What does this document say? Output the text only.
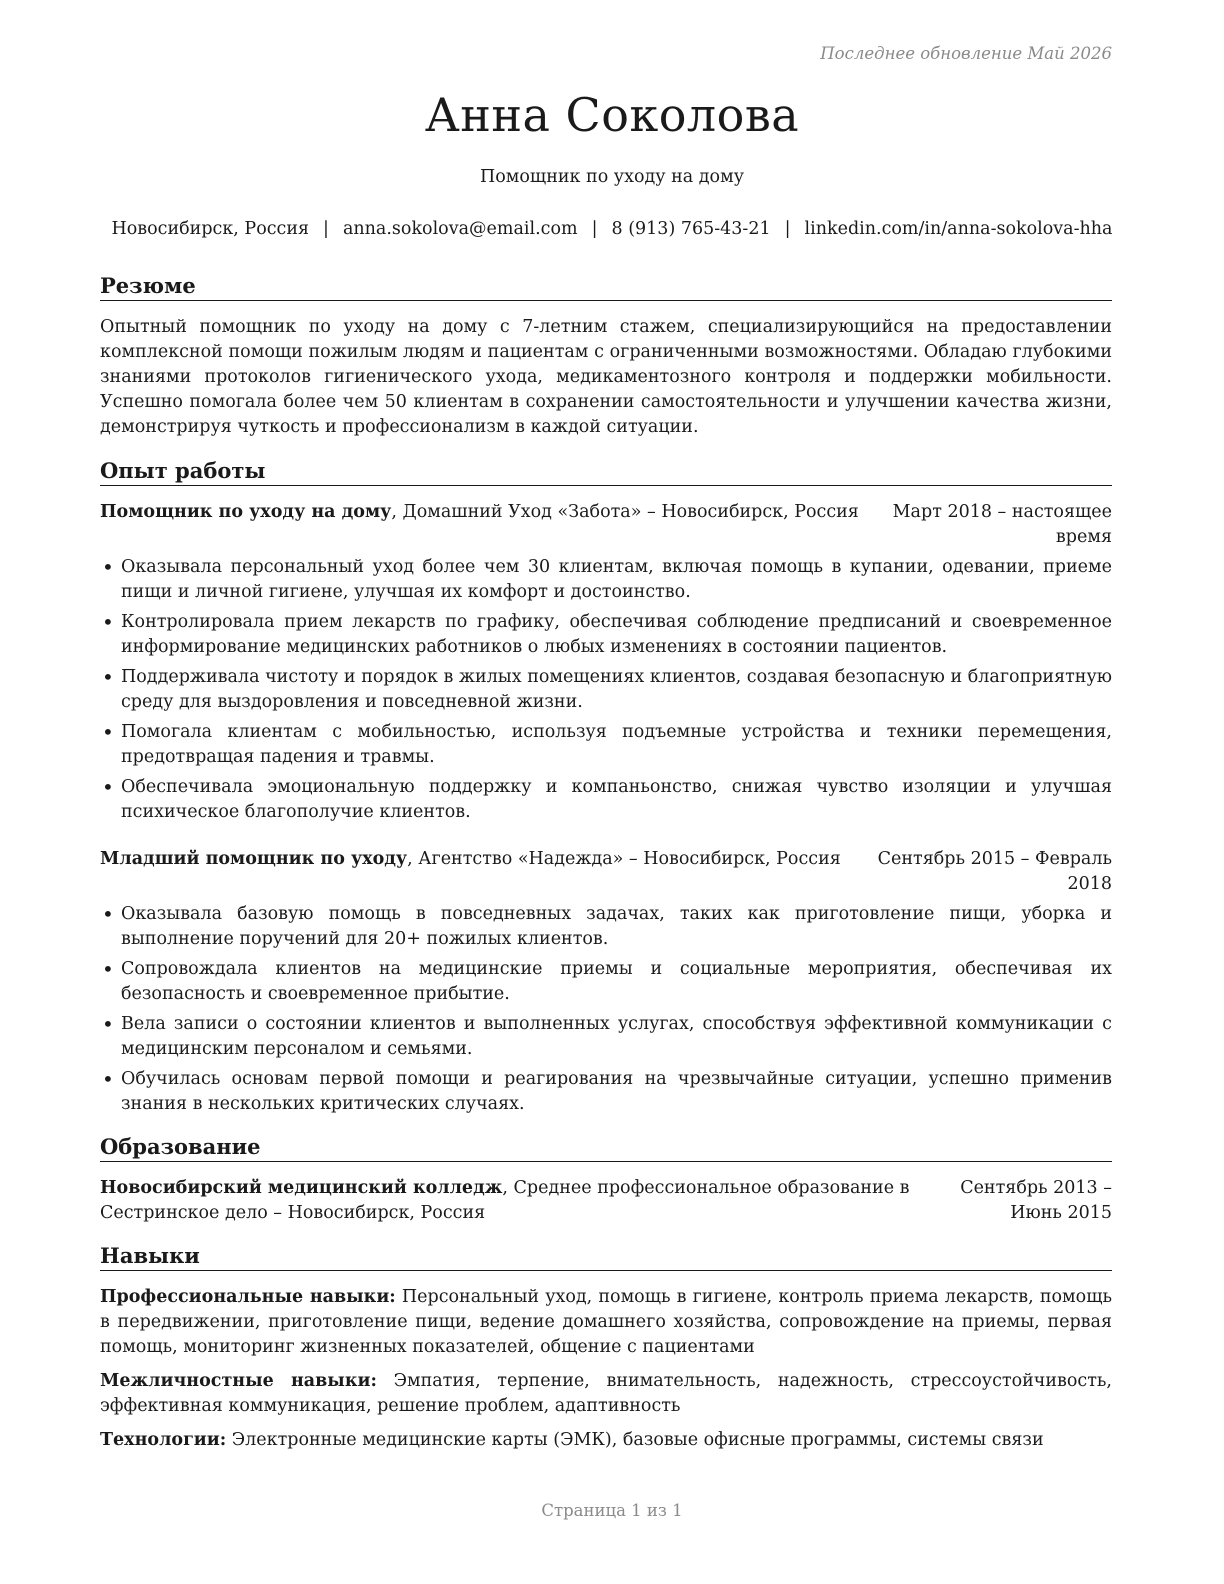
Последнее обновление Май 2026
Анна Соколова
Помощник по уходу на дому
Новосибирск, Россия | anna.sokolova@email.com | 8 (913) 765-43-21 | linkedin.com/in/anna-sokolova-hha
Резюме
Опытный помощник по уходу на дому с 7-летним стажем, специализирующийся на предоставлении комплексной помощи пожилым людям и пациентам с ограниченными возможностями. Обладаю глубокими знаниями протоколов гигиенического ухода, медикаментозного контроля и поддержки мобильности. Успешно помогала более чем 50 клиентам в сохранении самостоятельности и улучшении качества жизни, демонстрируя чуткость и профессионализм в каждой ситуации.
Опыт работы
Помощник по уходу на дому, Домашний Уход «Забота» – Новосибирск, Россия	Март 2018 – настоящее время
• Оказывала персональный уход более чем 30 клиентам, включая помощь в купании, одевании, приеме пищи и личной гигиене, улучшая их комфорт и достоинство.
• Контролировала прием лекарств по графику, обеспечивая соблюдение предписаний и своевременное информирование медицинских работников о любых изменениях в состоянии пациентов.
• Поддерживала чистоту и порядок в жилых помещениях клиентов, создавая безопасную и благоприятную среду для выздоровления и повседневной жизни.
• Помогала клиентам с мобильностью, используя подъемные устройства и техники перемещения, предотвращая падения и травмы.
• Обеспечивала эмоциональную поддержку и компаньонство, снижая чувство изоляции и улучшая психическое благополучие клиентов.
Младший помощник по уходу, Агентство «Надежда» – Новосибирск, Россия	Сентябрь 2015 – Февраль 2018
• Оказывала базовую помощь в повседневных задачах, таких как приготовление пищи, уборка и выполнение поручений для 20+ пожилых клиентов.
• Сопровождала клиентов на медицинские приемы и социальные мероприятия, обеспечивая их безопасность и своевременное прибытие.
• Вела записи о состоянии клиентов и выполненных услугах, способствуя эффективной коммуникации с медицинским персоналом и семьями.
• Обучилась основам первой помощи и реагирования на чрезвычайные ситуации, успешно применив знания в нескольких критических случаях.
Образование
Новосибирский медицинский колледж, Среднее профессиональное образование в Сестринское дело – Новосибирск, Россия
Сентябрь 2013 – Июнь 2015
Навыки
Профессиональные навыки: Персональный уход, помощь в гигиене, контроль приема лекарств, помощь в передвижении, приготовление пищи, ведение домашнего хозяйства, сопровождение на приемы, первая помощь, мониторинг жизненных показателей, общение с пациентами
Межличностные навыки: Эмпатия, терпение, внимательность, надежность, стрессоустойчивость, эффективная коммуникация, решение проблем, адаптивность
Технологии: Электронные медицинские карты (ЭМК), базовые офисные программы, системы связи
Страница 1 из 1
